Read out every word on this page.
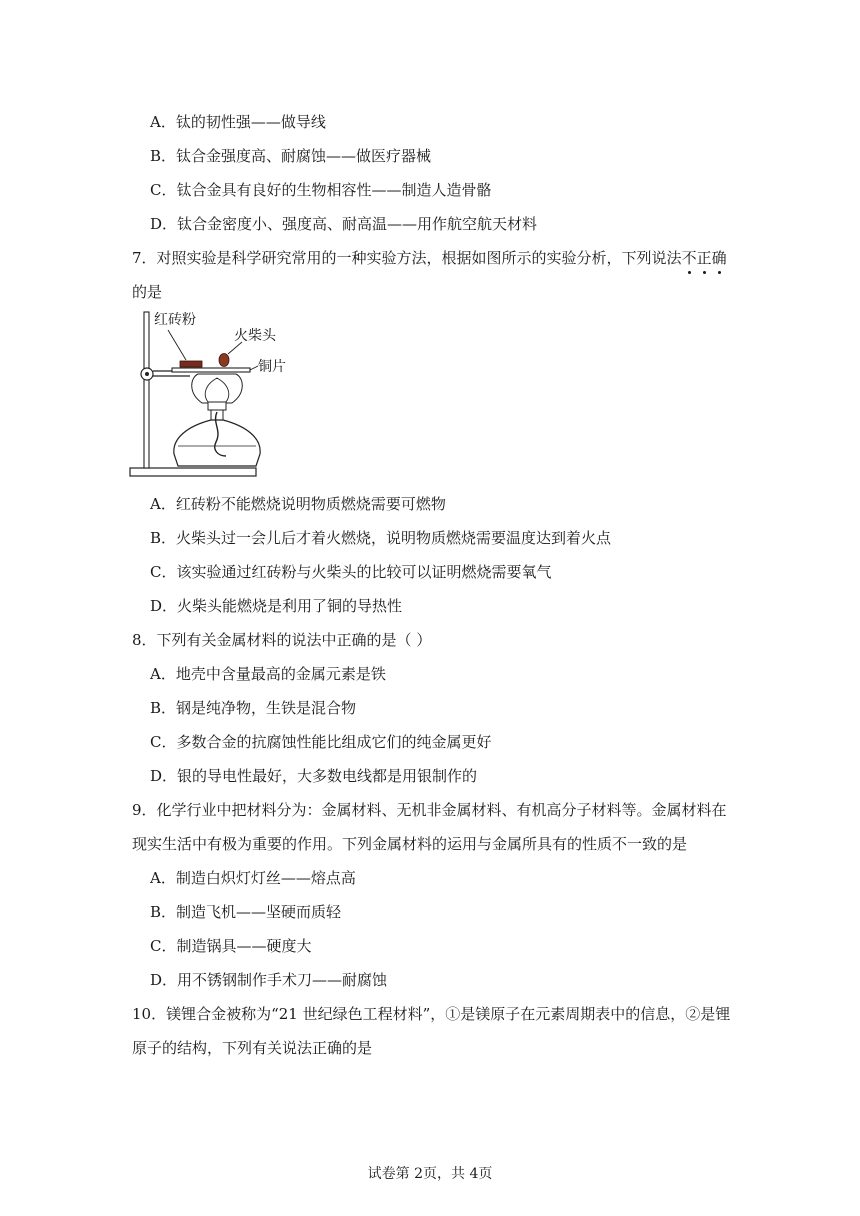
A．钛的韧性强——做导线
B．钛合金强度高、耐腐蚀——做医疗器械
C．钛合金具有良好的生物相容性——制造人造骨骼
D．钛合金密度小、强度高、耐高温——用作航空航天材料
7．对照实验是科学研究常用的一种实验方法，根据如图所示的实验分析，下列说法不正确
的是
红砖粉
火柴头
铜片
A．红砖粉不能燃烧说明物质燃烧需要可燃物
B．火柴头过一会儿后才着火燃烧，说明物质燃烧需要温度达到着火点
C．该实验通过红砖粉与火柴头的比较可以证明燃烧需要氧气
D．火柴头能燃烧是利用了铜的导热性
8．下列有关金属材料的说法中正确的是（ ）
A．地壳中含量最高的金属元素是铁
B．钢是纯净物，生铁是混合物
C．多数合金的抗腐蚀性能比组成它们的纯金属更好
D．银的导电性最好，大多数电线都是用银制作的
9．化学行业中把材料分为：金属材料、无机非金属材料、有机高分子材料等。金属材料在
现实生活中有极为重要的作用。下列金属材料的运用与金属所具有的性质不一致的是
A．制造白炽灯灯丝——熔点高
B．制造飞机——坚硬而质轻
C．制造锅具——硬度大
D．用不锈钢制作手术刀——耐腐蚀
10．镁锂合金被称为“21 世纪绿色工程材料”，①是镁原子在元素周期表中的信息，②是锂
原子的结构，下列有关说法正确的是
试卷第 2页，共 4页
